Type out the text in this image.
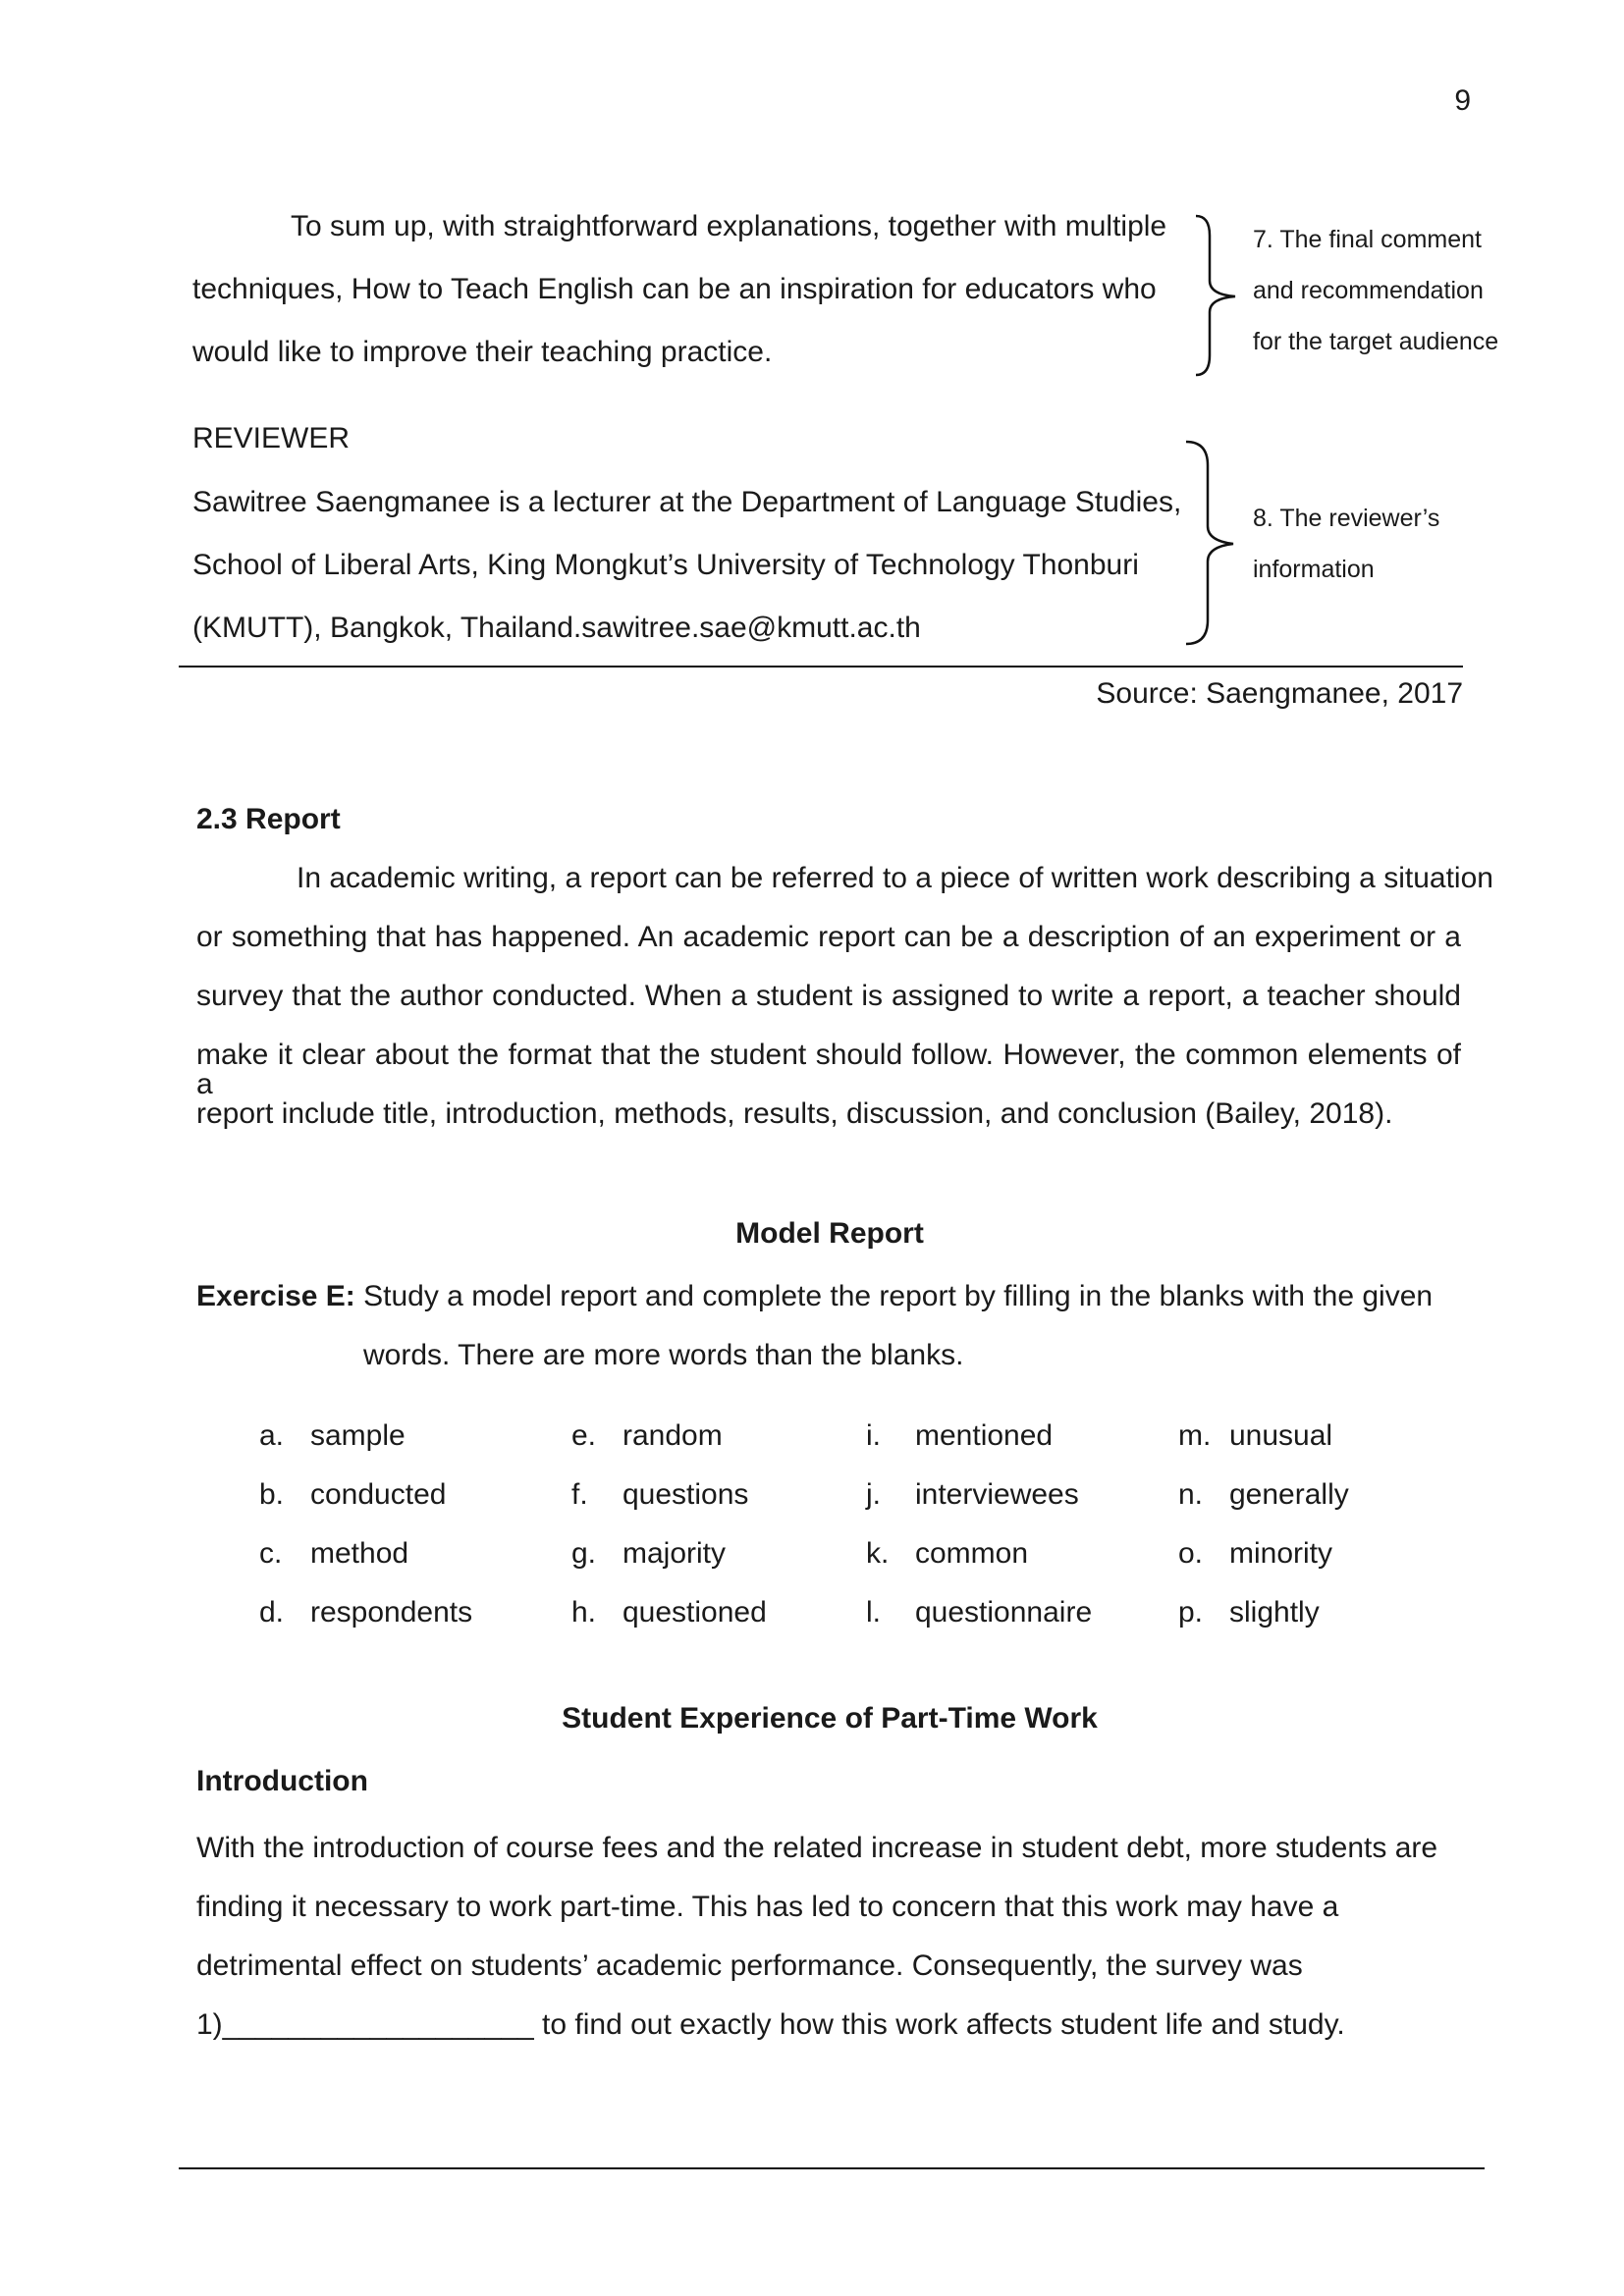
9
To sum up, with straightforward explanations, together with multiple
techniques, How to Teach English can be an inspiration for educators who
would like to improve their teaching practice.
7. The final comment
and recommendation
for the target audience
REVIEWER
Sawitree Saengmanee is a lecturer at the Department of Language Studies,
School of Liberal Arts, King Mongkut’s University of Technology Thonburi
(KMUTT), Bangkok, Thailand.sawitree.sae@kmutt.ac.th
8. The reviewer’s
information
Source: Saengmanee, 2017
2.3 Report
In academic writing, a report can be referred to a piece of written work describing a situation
or something that has happened. An academic report can be a description of an experiment or a
survey that the author conducted. When a student is assigned to write a report, a teacher should
make it clear about the format that the student should follow. However, the common elements of a
report include title, introduction, methods, results, discussion, and conclusion (Bailey, 2018).
Model Report
Exercise E: Study a model report and complete the report by filling in the blanks with the given
words. There are more words than the blanks.
a. sample	e. random	i. mentioned	m. unusual
b. conducted	f. questions	j. interviewees	n. generally
c. method	g. majority	k. common	o. minority
d. respondents	h. questioned	l. questionnaire	p. slightly
Student Experience of Part-Time Work
Introduction
With the introduction of course fees and the related increase in student debt, more students are
finding it necessary to work part-time. This has led to concern that this work may have a
detrimental effect on students’ academic performance. Consequently, the survey was
1)___________________ to find out exactly how this work affects student life and study.
